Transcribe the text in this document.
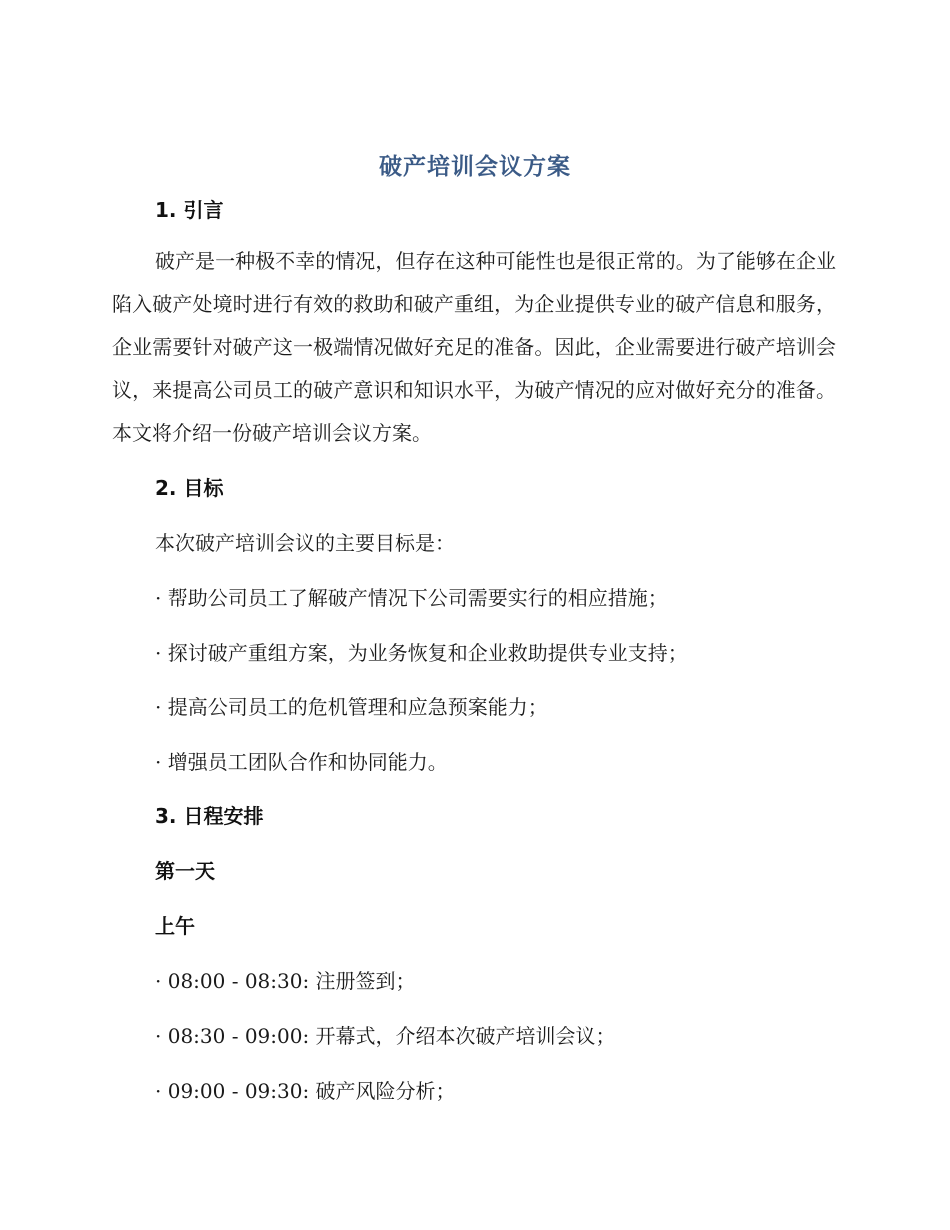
破产培训会议方案
1. 引言

破产是一种极不幸的情况，但存在这种可能性也是很正常的。为了能够在企业陷入破产处境时进行有效的救助和破产重组，为企业提供专业的破产信息和服务，企业需要针对破产这一极端情况做好充足的准备。因此，企业需要进行破产培训会议，来提高公司员工的破产意识和知识水平，为破产情况的应对做好充分的准备。本文将介绍一份破产培训会议方案。

2. 目标
本次破产培训会议的主要目标是：
· 帮助公司员工了解破产情况下公司需要实行的相应措施；
· 探讨破产重组方案，为业务恢复和企业救助提供专业支持；
· 提高公司员工的危机管理和应急预案能力；
· 增强员工团队合作和协同能力。
3. 日程安排
第一天
上午
· 08:00 - 08:30: 注册签到；
· 08:30 - 09:00: 开幕式，介绍本次破产培训会议；
· 09:00 - 09:30: 破产风险分析；
